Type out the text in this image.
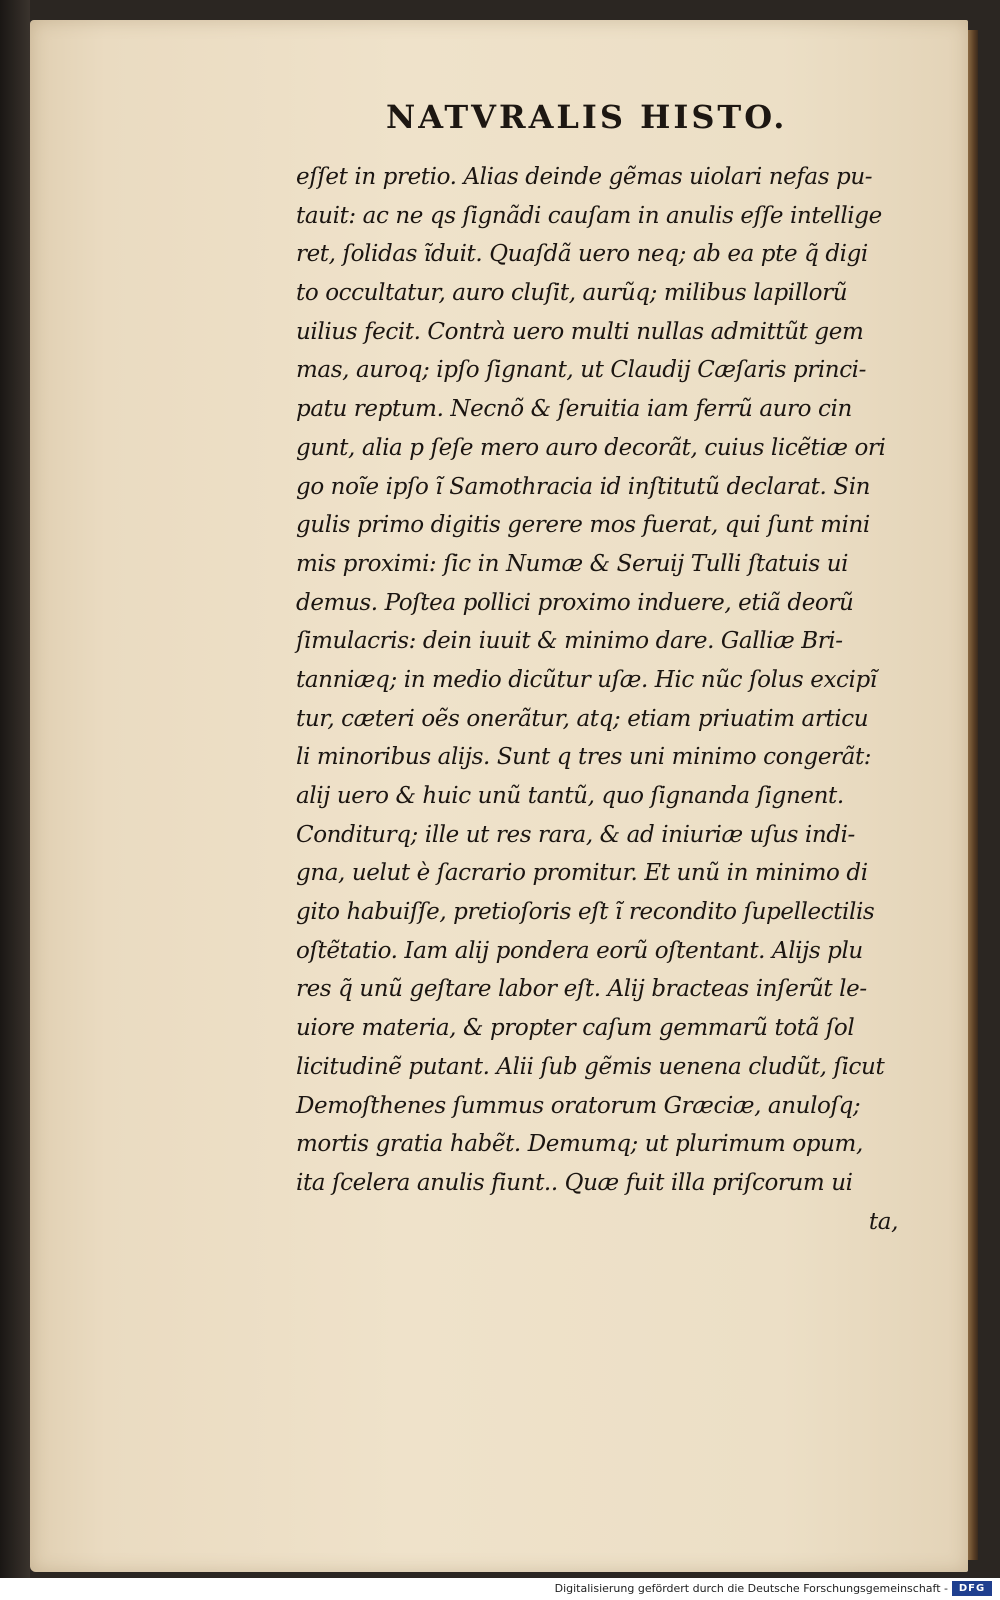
NATVRALIS HISTO.
eſſet in pretio. Alias deinde gẽmas uiolari nefas pu-
tauit: ac ne qs ſignãdi cauſam in anulis eſſe intellige
ret, ſolidas ĩduit. Quaſdã uero neq; ab ea pte q̃ digi
to occultatur, auro cluſit, aurũq; milibus lapillorũ
uilius fecit. Contrà uero multi nullas admittũt gem
mas, auroq; ipſo ſignant, ut Claudij Cæſaris princi-
patu reptum. Necnõ & ſeruitia iam ferrũ auro cin
gunt, alia p ſeſe mero auro decorãt, cuius licẽtiæ ori
go noĩe ipſo ĩ Samothracia id inſtitutũ declarat. Sin
gulis primo digitis gerere mos fuerat, qui ſunt mini
mis proximi: ſic in Numæ & Seruij Tulli ſtatuis ui
demus. Poſtea pollici proximo induere, etiã deorũ
ſimulacris: dein iuuit & minimo dare. Galliæ Bri-
tanniæq; in medio dicũtur uſæ. Hic nũc ſolus excipĩ
tur, cæteri oẽs onerãtur, atq; etiam priuatim articu
li minoribus alijs. Sunt q tres uni minimo congerãt:
alij uero & huic unũ tantũ, quo ſignanda ſignent.
Conditurq; ille ut res rara, & ad iniuriæ uſus indi-
gna, uelut è ſacrario promitur. Et unũ in minimo di
gito habuiſſe, pretioſoris eſt ĩ recondito ſupellectilis
oſtẽtatio. Iam alij pondera eorũ oſtentant. Alijs plu
res q̃ unũ geſtare labor eſt. Alij bracteas inſerũt le-
uiore materia, & propter caſum gemmarũ totã ſol
licitudinẽ putant. Alii ſub gẽmis uenena cludũt, ſicut
Demoſthenes ſummus oratorum Græciæ, anuloſq;
mortis gratia habẽt. Demumq; ut plurimum opum,
ita ſcelera anulis fiunt.. Quæ fuit illa priſcorum ui
ta,
Digitalisierung gefördert durch die Deutsche Forschungsgemeinschaft -	DFG
